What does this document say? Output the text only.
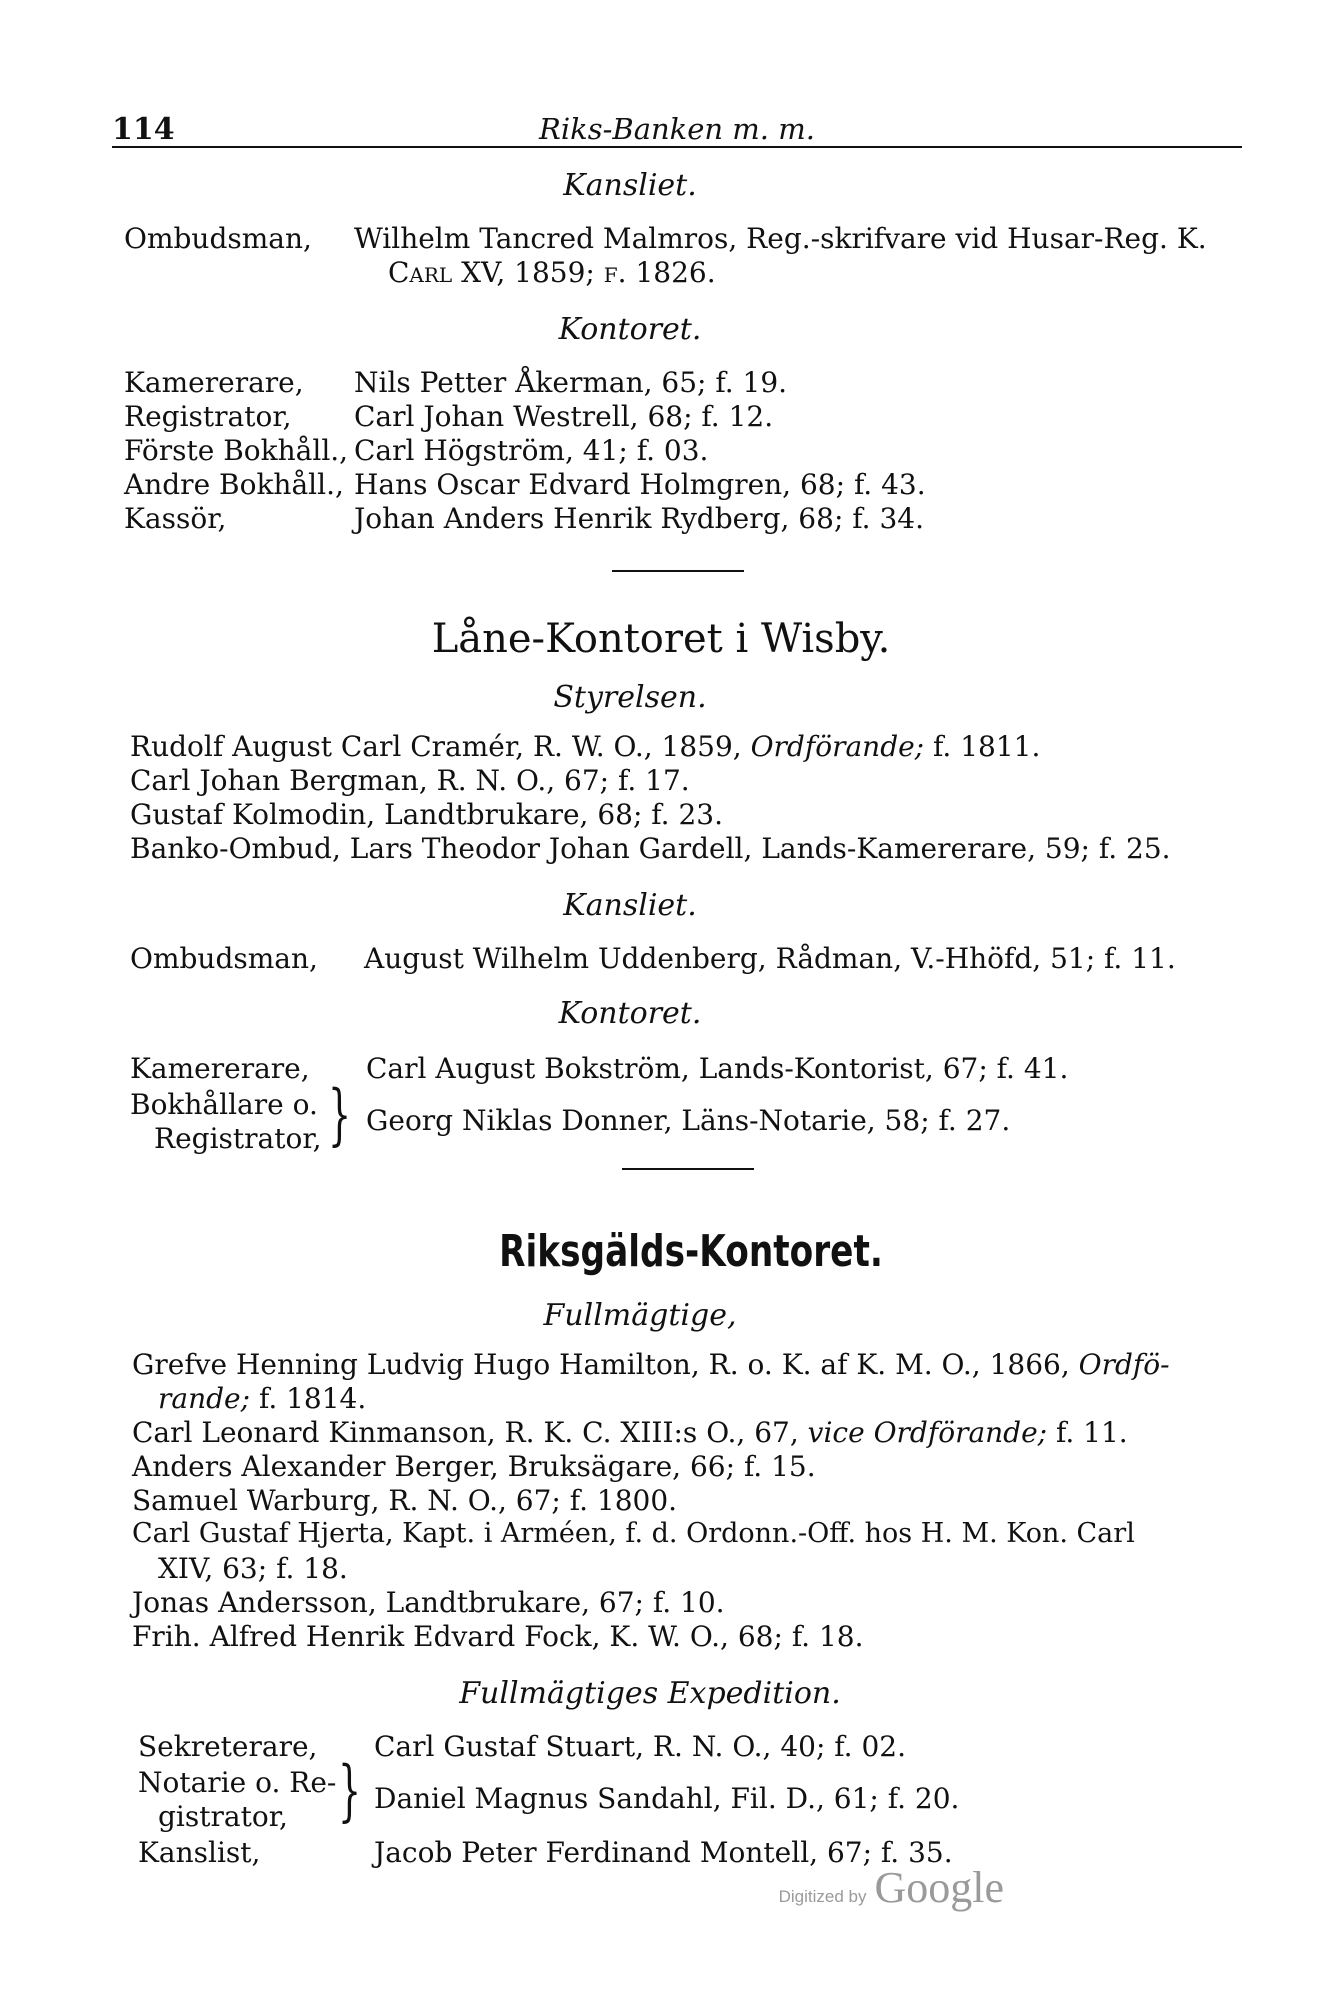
114	Riks-Banken m. m.
Kansliet.
Ombudsman, Wilhelm Tancred Malmros, Reg.-skrifvare vid Husar-Reg. K.
Carl XV, 1859; f. 1826.
Kontoret.
Kamererare, Nils Petter Åkerman, 65; f. 19.
Registrator, Carl Johan Westrell, 68; f. 12.
Förste Bokhåll., Carl Högström, 41; f. 03.
Andre Bokhåll., Hans Oscar Edvard Holmgren, 68; f. 43.
Kassör,	Johan Anders Henrik Rydberg, 68; f. 34.
Låne-Kontoret i Wisby.
Styrelsen.
Rudolf August Carl Cramér, R. W. O., 1859, Ordförande; f. 1811.
Carl Johan Bergman, R. N. O., 67; f. 17.
Gustaf Kolmodin, Landtbrukare, 68; f. 23.
Banko-Ombud, Lars Theodor Johan Gardell, Lands-Kamererare, 59; f. 25.
Kansliet.
Ombudsman, August Wilhelm Uddenberg, Rådman, V.-Hhöfd, 51; f. 11.
Kontoret.
Kamererare, Carl August Bokström, Lands-Kontorist, 67; f. 41.
Bokhållare o.
Registrator, } Georg Niklas Donner, Läns-Notarie, 58; f. 27.
Riksgälds-Kontoret.
Fullmägtige,
Grefve Henning Ludvig Hugo Hamilton, R. o. K. af K. M. O., 1866, Ordfö-
rande; f. 1814.
Carl Leonard Kinmanson, R. K. C. XIII:s O., 67, vice Ordförande; f. 11.
Anders Alexander Berger, Bruksägare, 66; f. 15.
Samuel Warburg, R. N. O., 67; f. 1800.
Carl Gustaf Hjerta, Kapt. i Arméen, f. d. Ordonn.-Off. hos H. M. Kon. Carl
XIV, 63; f. 18.
Jonas Andersson, Landtbrukare, 67; f. 10.
Frih. Alfred Henrik Edvard Fock, K. W. O., 68; f. 18.
Fullmägtiges Expedition.
Sekreterare, Carl Gustaf Stuart, R. N. O., 40; f. 02.
Notarie o. Re-
gistrator, } Daniel Magnus Sandahl, Fil. D., 61; f. 20.
Kanslist,	Jacob Peter Ferdinand Montell, 67; f. 35.
Digitized by Google
